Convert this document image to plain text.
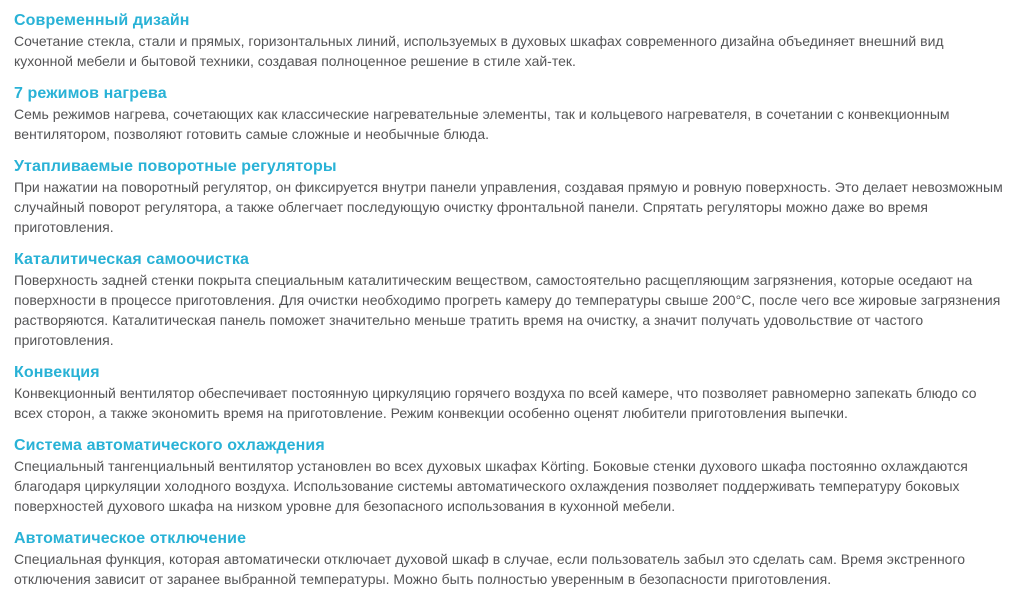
Современный дизайн

Сочетание стекла, стали и прямых, горизонтальных линий, используемых в духовых шкафах современного дизайна объединяет внешний вид кухонной мебели и бытовой техники, создавая полноценное решение в стиле хай-тек.

7 режимов нагрева

Семь режимов нагрева, сочетающих как классические нагревательные элементы, так и кольцевого нагревателя, в сочетании с конвекционным вентилятором, позволяют готовить самые сложные и необычные блюда.

Утапливаемые поворотные регуляторы

При нажатии на поворотный регулятор, он фиксируется внутри панели управления, создавая прямую и ровную поверхность. Это делает невозможным случайный поворот регулятора, а также облегчает последующую очистку фронтальной панели. Спрятать регуляторы можно даже во время приготовления.

Каталитическая самоочистка

Поверхность задней стенки покрыта специальным каталитическим веществом, самостоятельно расщепляющим загрязнения, которые оседают на поверхности в процессе приготовления. Для очистки необходимо прогреть камеру до температуры свыше 200°C, после чего все жировые загрязнения растворяются. Каталитическая панель поможет значительно меньше тратить время на очистку, а значит получать удовольствие от частого приготовления.

Конвекция

Конвекционный вентилятор обеспечивает постоянную циркуляцию горячего воздуха по всей камере, что позволяет равномерно запекать блюдо со всех сторон, а также экономить время на приготовление. Режим конвекции особенно оценят любители приготовления выпечки.

Система автоматического охлаждения

Специальный тангенциальный вентилятор установлен во всех духовых шкафах Körting. Боковые стенки духового шкафа постоянно охлаждаются благодаря циркуляции холодного воздуха. Использование системы автоматического охлаждения позволяет поддерживать температуру боковых поверхностей духового шкафа на низком уровне для безопасного использования в кухонной мебели.

Автоматическое отключение

Специальная функция, которая автоматически отключает духовой шкаф в случае, если пользователь забыл это сделать сам. Время экстренного отключения зависит от заранее выбранной температуры. Можно быть полностью уверенным в безопасности приготовления.
